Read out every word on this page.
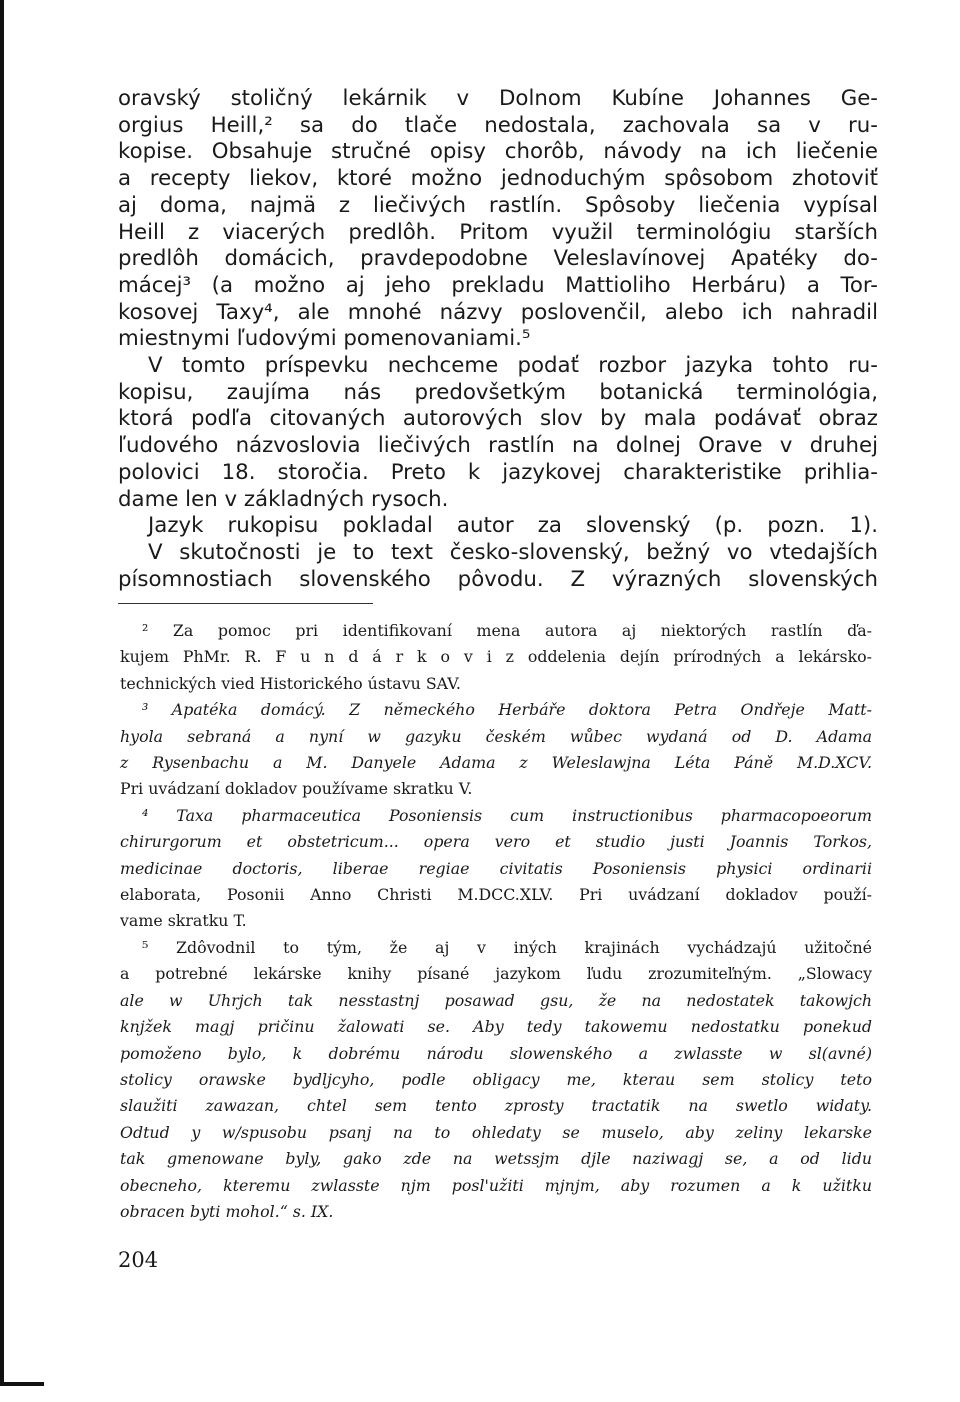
oravský stoličný lekárnik v Dolnom Kubíne Johannes Ge-
orgius Heill,² sa do tlače nedostala, zachovala sa v ru-
kopise. Obsahuje stručné opisy chorôb, návody na ich liečenie
a recepty liekov, ktoré možno jednoduchým spôsobom zhotoviť
aj doma, najmä z liečivých rastlín. Spôsoby liečenia vypísal
Heill z viacerých predlôh. Pritom využil terminológiu starších
predlôh domácich, pravdepodobne Veleslavínovej Apatéky do-
mácej³ (a možno aj jeho prekladu Mattioliho Herbáru) a Tor-
kosovej Taxy⁴, ale mnohé názvy poslovenčil, alebo ich nahradil
miestnymi ľudovými pomenovaniami.⁵
V tomto príspevku nechceme podať rozbor jazyka tohto ru-
kopisu, zaujíma nás predovšetkým botanická terminológia,
ktorá podľa citovaných autorových slov by mala podávať obraz
ľudového názvoslovia liečivých rastlín na dolnej Orave v druhej
polovici 18. storočia. Preto k jazykovej charakteristike prihlia-
dame len v základných rysoch.
Jazyk rukopisu pokladal autor za slovenský (p. pozn. 1).
V skutočnosti je to text česko-slovenský, bežný vo vtedajších
písomnostiach slovenského pôvodu. Z výrazných slovenských
² Za pomoc pri identifikovaní mena autora aj niektorých rastlín ďa-
kujem PhMr. R. F u n d á r k o v i z oddelenia dejín prírodných a lekársko-
technických vied Historického ústavu SAV.
³ Apatéka domácý. Z německého Herbáře doktora Petra Ondřeje Matt-
hyola sebraná a nyní w gazyku českém wůbec wydaná od D. Adama
z Rysenbachu a M. Danyele Adama z Weleslawjna Léta Páně M.D.XCV.
Pri uvádzaní dokladov používame skratku V.
⁴ Taxa pharmaceutica Posoniensis cum instructionibus pharmacopoeorum
chirurgorum et obstetricum... opera vero et studio justi Joannis Torkos,
medicinae doctoris, liberae regiae civitatis Posoniensis physici ordinarii
elaborata, Posonii Anno Christi M.DCC.XLV. Pri uvádzaní dokladov použí-
vame skratku T.
⁵ Zdôvodnil to tým, že aj v iných krajinách vychádzajú užitočné
a potrebné lekárske knihy písané jazykom ľudu zrozumiteľným. „Slowacy
ale w Uhrjch tak nesstastnj posawad gsu, že na nedostatek takowjch
knjžek magj pričinu žalowati se. Aby tedy takowemu nedostatku ponekud
pomoženo bylo, k dobrému národu slowenského a zwlasste w sl(avné)
stolicy orawske bydljcyho, podle obligacy me, kterau sem stolicy teto
slaužiti zawazan, chtel sem tento zprosty tractatik na swetlo widaty.
Odtud y w/spusobu psanj na to ohledaty se muselo, aby zeliny lekarske
tak gmenowane byly, gako zde na wetssjm djle naziwagj se, a od lidu
obecneho, kteremu zwlasste njm posl'užiti mjnjm, aby rozumen a k užitku
obracen byti mohol.“ s. IX.
204
